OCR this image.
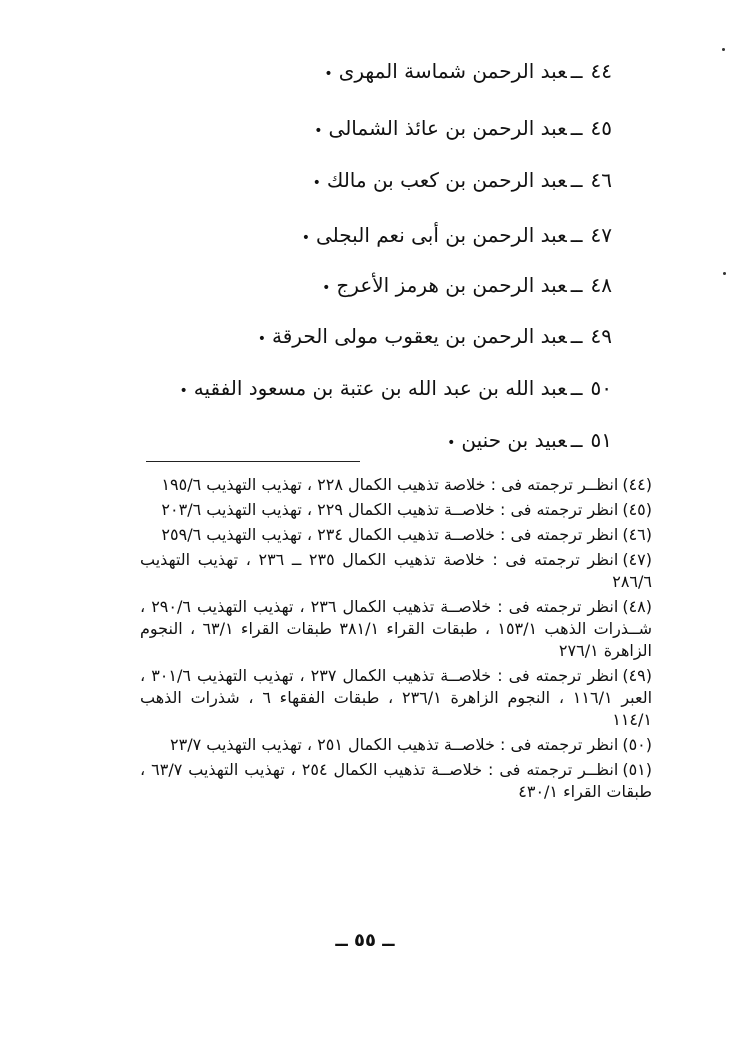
٤٤ــعبد الرحمن شماسة المهرى•
٤٥ــعبد الرحمن بن عائذ الشمالى•
٤٦ــعبد الرحمن بن كعب بن مالك•
٤٧ــعبد الرحمن بن أبى نعم البجلى•
٤٨ــعبد الرحمن بن هرمز الأعرج•
٤٩ــعبد الرحمن بن يعقوب مولى الحرقة•
٥٠ــعبد الله بن عبد الله بن عتبة بن مسعود الفقيه•
٥١ــعبيد بن حنين•
(٤٤)انظــر ترجمته فى : خلاصة تذهيب الكمال ٢٢٨ ، تهذيب التهذيب ١٩٥/٦
(٤٥)انظر ترجمته فى : خلاصــة تذهيب الكمال ٢٢٩ ، تهذيب التهذيب ٢٠٣/٦
(٤٦)انظر ترجمته فى : خلاصــة تذهيب الكمال ٢٣٤ ، تهذيب التهذيب ٢٥٩/٦
(٤٧)انظر ترجمته فى : خلاصة تذهيب الكمال ٢٣٥ ــ ٢٣٦ ، تهذيب التهذيب ٢٨٦/٦
(٤٨)انظر ترجمته فى : خلاصــة تذهيب الكمال ٢٣٦ ، تهذيب التهذيب ٢٩٠/٦ ، شــذرات الذهب ١٥٣/١ ، طبقات القراء ٣٨١/١ طبقات القراء ٦٣/١ ، النجوم الزاهرة ٢٧٦/١
(٤٩)انظر ترجمته فى : خلاصــة تذهيب الكمال ٢٣٧ ، تهذيب التهذيب ٣٠١/٦ ، العبر ١١٦/١ ، النجوم الزاهرة ٢٣٦/١ ، طبقات الفقهاء ٦ ، شذرات الذهب ١١٤/١
(٥٠)انظر ترجمته فى : خلاصــة تذهيب الكمال ٢٥١ ، تهذيب التهذيب ٢٣/٧
(٥١)انظــر ترجمته فى : خلاصــة تذهيب الكمال ٢٥٤ ، تهذيب التهذيب ٦٣/٧ ، طبقات القراء ٤٣٠/١
ــ ٥٥ ــ
